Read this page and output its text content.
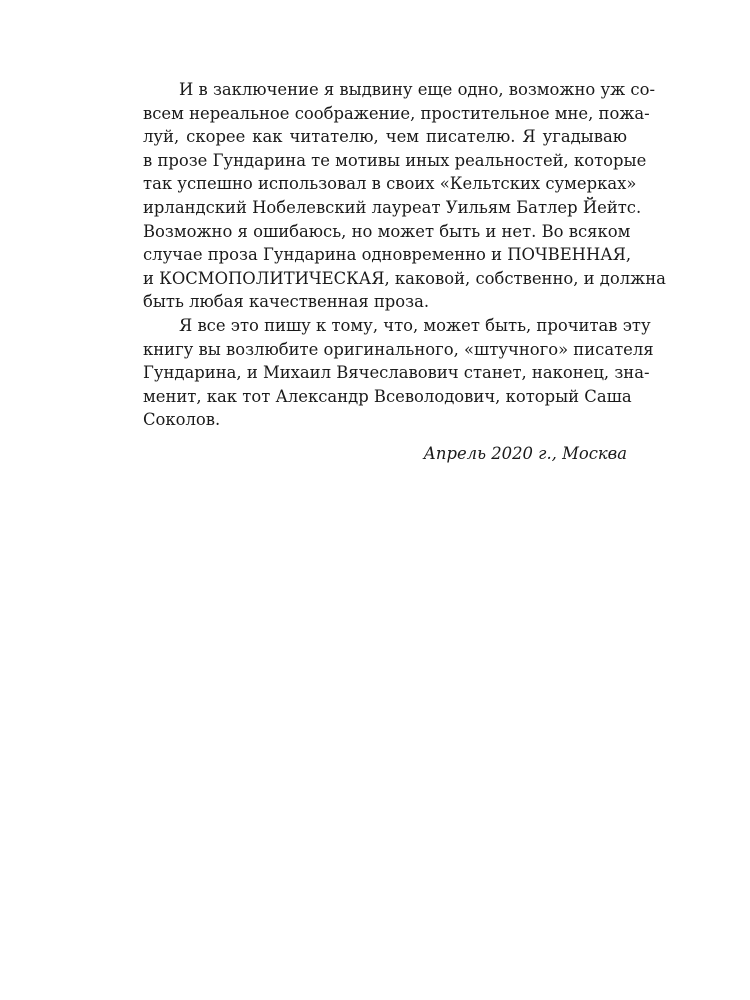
И в заключение я выдвину еще одно, возможно уж со-
всем нереальное соображение, простительное мне, пожа-
луй, скорее как читателю, чем писателю. Я угадываю
в прозе Гундарина те мотивы иных реальностей, которые
так успешно использовал в своих «Кельтских сумерках»
ирландский Нобелевский лауреат Уильям Батлер Йейтс.
Возможно я ошибаюсь, но может быть и нет. Во всяком
случае проза Гундарина одновременно и ПОЧВЕННАЯ,
и КОСМОПОЛИТИЧЕСКАЯ, каковой, собственно, и должна
быть любая качественная проза.
Я все это пишу к тому, что, может быть, прочитав эту
книгу вы возлюбите оригинального, «штучного» писателя
Гундарина, и Михаил Вячеславович станет, наконец, зна-
менит, как тот Александр Всеволодович, который Саша
Соколов.
Апрель 2020 г., Москва
